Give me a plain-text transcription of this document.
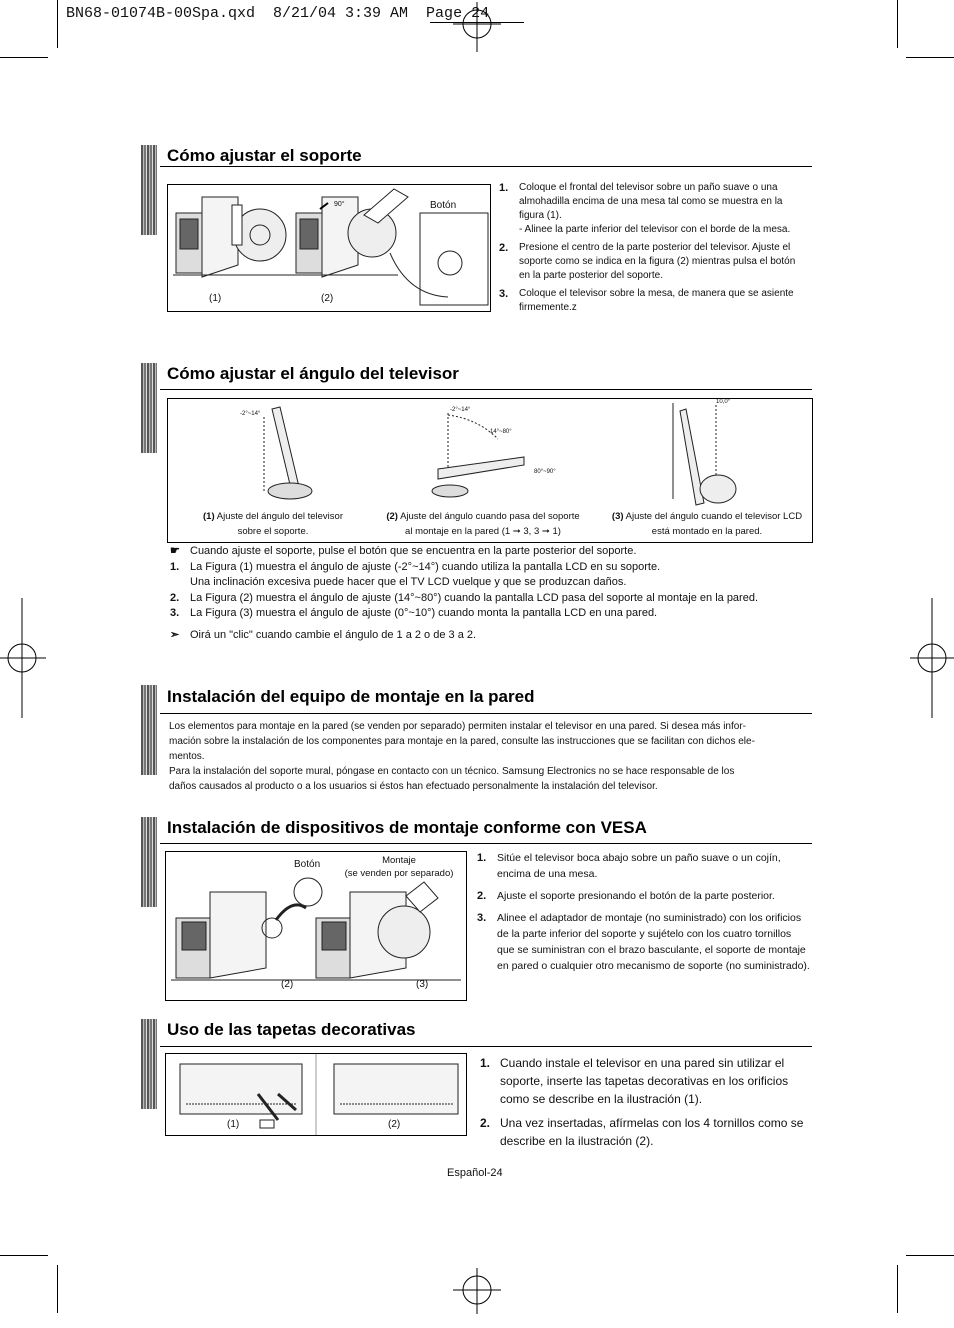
BN68-01074B-00Spa.qxd  8/21/04 3:39 AM  Page 24
Cómo ajustar el soporte
90°	Botón
(1)	(2)
1. Coloque el frontal del televisor sobre un paño suave o una almohadilla encima de una mesa tal como se muestra en la figura (1).
- Alinee la parte inferior del televisor con el borde de la mesa.
2. Presione el centro de la parte posterior del televisor. Ajuste el soporte como se indica en la figura (2) mientras pulsa el botón en la parte posterior del soporte.
3. Coloque el televisor sobre la mesa, de manera que se asiente firmemente.z
Cómo ajustar el ángulo del televisor
-2°~14°
-2°~14°
14°~80°
80°~90°
10,0°
(1) Ajuste del ángulo del televisor
sobre el soporte.
(2) Ajuste del ángulo cuando pasa del soporte
al montaje en la pared (1 ➞ 3, 3 ➞ 1)
(3) Ajuste del ángulo cuando el televisor LCD
está montado en la pared.
☛ Cuando ajuste el soporte, pulse el botón que se encuentra en la parte posterior del soporte.
1. La Figura (1) muestra el ángulo de ajuste (-2°~14°) cuando utiliza la pantalla LCD en su soporte.
Una inclinación excesiva puede hacer que el TV LCD vuelque y que se produzcan daños.
2. La Figura (2) muestra el ángulo de ajuste (14°~80°) cuando la pantalla LCD pasa del soporte al montaje en la pared.
3. La Figura (3) muestra el ángulo de ajuste (0°~10°) cuando monta la pantalla LCD en una pared.
➣ Oirá un "clic" cuando cambie el ángulo de 1 a 2 o de 3 a 2.
Instalación del equipo de montaje en la pared
Los elementos para montaje en la pared (se venden por separado) permiten instalar el televisor en una pared. Si desea más infor-
mación sobre la instalación de los componentes para montaje en la pared, consulte las instrucciones que se facilitan con dichos ele-
mentos.
Para la instalación del soporte mural, póngase en contacto con un técnico. Samsung Electronics no se hace responsable de los
daños causados al producto o a los usuarios si éstos han efectuado personalmente la instalación del televisor.
Instalación de dispositivos de montaje conforme con VESA
Botón	Montaje
(se venden por separado)
(2)	(3)
1. Sitúe el televisor boca abajo sobre un paño suave o un cojín, encima de una mesa.
2. Ajuste el soporte presionando el botón de la parte posterior.
3. Alinee el adaptador de montaje (no suministrado) con los orificios de la parte inferior del soporte y sujételo con los cuatro tornillos que se suministran con el brazo basculante, el soporte de montaje en pared o cualquier otro mecanismo de soporte (no suministrado).
Uso de las tapetas decorativas
(1)	(2)
1. Cuando instale el televisor en una pared sin utilizar el soporte, inserte las tapetas decorativas en los orificios como se describe en la ilustración (1).
2. Una vez insertadas, afírmelas con los 4 tornillos como se describe en la ilustración (2).
Español-24
